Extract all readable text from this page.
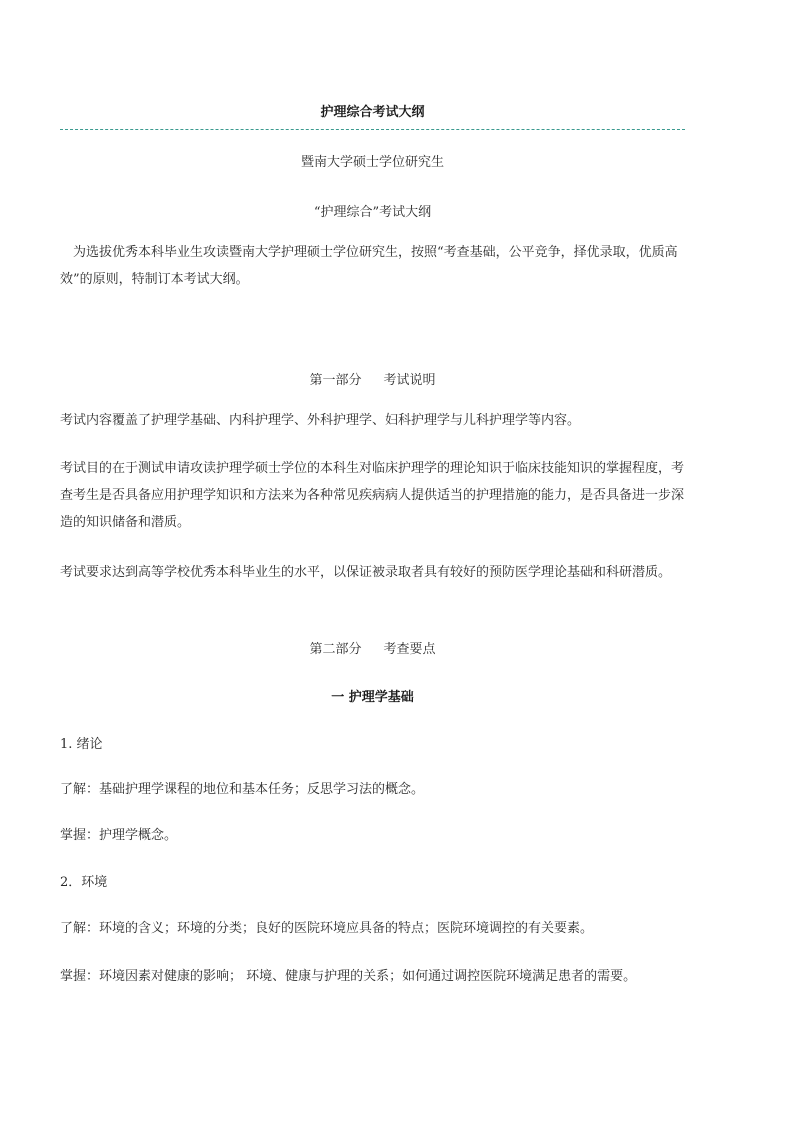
护理综合考试大纲
暨南大学硕士学位研究生
“护理综合”考试大纲
为选拔优秀本科毕业生攻读暨南大学护理硕士学位研究生，按照“考查基础，公平竞争，择优录取，优质高效”的原则，特制订本考试大纲。
第一部分 考试说明
考试内容覆盖了护理学基础、内科护理学、外科护理学、妇科护理学与儿科护理学等内容。
考试目的在于测试申请攻读护理学硕士学位的本科生对临床护理学的理论知识于临床技能知识的掌握程度，考查考生是否具备应用护理学知识和方法来为各种常见疾病病人提供适当的护理措施的能力，是否具备进一步深造的知识储备和潜质。
考试要求达到高等学校优秀本科毕业生的水平，以保证被录取者具有较好的预防医学理论基础和科研潜质。
第二部分 考查要点
一 护理学基础
1. 绪论
了解：基础护理学课程的地位和基本任务；反思学习法的概念。
掌握：护理学概念。
2．环境
了解：环境的含义；环境的分类；良好的医院环境应具备的特点；医院环境调控的有关要素。
掌握：环境因素对健康的影响； 环境、健康与护理的关系；如何通过调控医院环境满足患者的需要。
